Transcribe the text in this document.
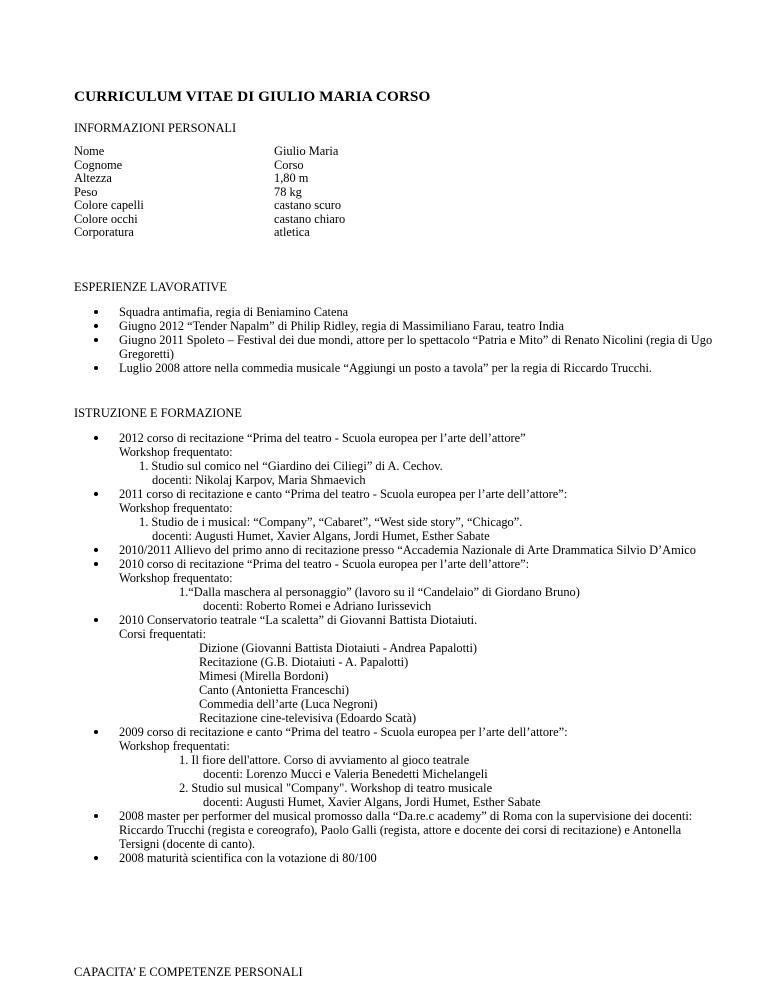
CURRICULUM VITAE DI GIULIO MARIA CORSO
INFORMAZIONI PERSONALI
Nome	Giulio Maria
Cognome	Corso
Altezza	1,80 m
Peso	78 kg
Colore capelli	castano scuro
Colore occhi	castano chiaro
Corporatura	atletica
ESPERIENZE LAVORATIVE
Squadra antimafia, regia di Beniamino Catena
Giugno 2012 “Tender Napalm” di Philip Ridley, regia di Massimiliano Farau, teatro India
Giugno 2011 Spoleto – Festival dei due mondi, attore per lo spettacolo “Patria e Mito” di Renato Nicolini (regia di Ugo Gregoretti)
Luglio 2008 attore nella commedia musicale “Aggiungi un posto a tavola” per la regia di Riccardo Trucchi.
ISTRUZIONE E FORMAZIONE
2012 corso di recitazione “Prima del teatro - Scuola europea per l’arte dell’attore”
Workshop frequentato:
1. Studio sul comico nel “Giardino dei Ciliegi” di A. Cechov.
docenti: Nikolaj Karpov, Maria Shmaevich
2011 corso di recitazione e canto “Prima del teatro - Scuola europea per l’arte dell’attore”:
Workshop frequentato:
1. Studio de i musical: “Company”, “Cabaret”, “West side story”, “Chicago”.
docenti: Augusti Humet, Xavier Algans, Jordi Humet, Esther Sabate
2010/2011 Allievo del primo anno di recitazione presso “Accademia Nazionale di Arte Drammatica Silvio D’Amico
2010 corso di recitazione “Prima del teatro - Scuola europea per l’arte dell’attore”:
Workshop frequentato:
1.“Dalla maschera al personaggio” (lavoro su il “Candelaio” di Giordano Bruno)
docenti: Roberto Romei e Adriano Iurissevich
2010 Conservatorio teatrale “La scaletta” di Giovanni Battista Diotaiuti.
Corsi frequentati:
Dizione (Giovanni Battista Diotaiuti - Andrea Papalotti)
Recitazione (G.B. Diotaiuti - A. Papalotti)
Mimesi (Mirella Bordoni)
Canto (Antonietta Franceschi)
Commedia dell’arte (Luca Negroni)
Recitazione cine-televisiva (Edoardo Scatà)
2009 corso di recitazione e canto “Prima del teatro - Scuola europea per l’arte dell’attore”:
Workshop frequentati:
1. Il fiore dell'attore. Corso di avviamento al gioco teatrale
docenti: Lorenzo Mucci e Valeria Benedetti Michelangeli
2. Studio sul musical "Company". Workshop di teatro musicale
docenti: Augusti Humet, Xavier Algans, Jordi Humet, Esther Sabate
2008 master per performer del musical promosso dalla “Da.re.c academy” di Roma con la supervisione dei docenti: Riccardo Trucchi (regista e coreografo), Paolo Galli (regista, attore e docente dei corsi di recitazione) e Antonella Tersigni (docente di canto).
2008 maturità scientifica con la votazione di 80/100
CAPACITA’ E COMPETENZE PERSONALI
